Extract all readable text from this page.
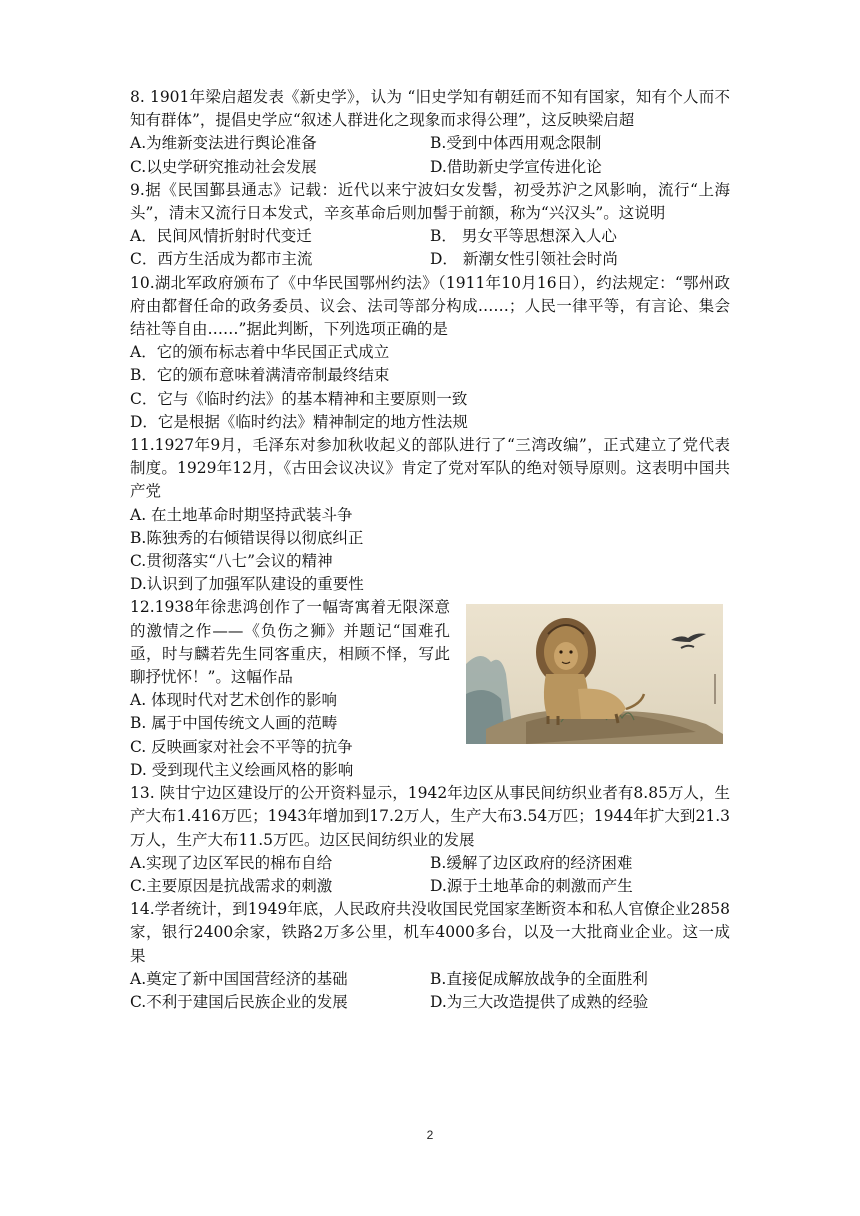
8. 1901年梁启超发表《新史学》，认为 “旧史学知有朝廷而不知有国家，知有个人而不知有群体”，提倡史学应“叙述人群进化之现象而求得公理”，这反映梁启超

A.为维新变法进行舆论准备	B.受到中体西用观念限制
C.以史学研究推动社会发展	D.借助新史学宣传进化论

9.据《民国鄞县通志》记载：近代以来宁波妇女发髻，初受苏沪之风影响，流行“上海头”，清末又流行日本发式，辛亥革命后则加髻于前额，称为“兴汉头”。这说明

A．民间风情折射时代变迁	B． 男女平等思想深入人心
C．西方生活成为都市主流	D． 新潮女性引领社会时尚

10.湖北军政府颁布了《中华民国鄂州约法》（1911年10月16日），约法规定：“鄂州政府由都督任命的政务委员、议会、法司等部分构成……；人民一律平等，有言论、集会结社等自由……”据此判断，下列选项正确的是

A．它的颁布标志着中华民国正式成立

B．它的颁布意味着满清帝制最终结束

C．它与《临时约法》的基本精神和主要原则一致

D．它是根据《临时约法》精神制定的地方性法规

11.1927年9月，毛泽东对参加秋收起义的部队进行了“三湾改编”，正式建立了党代表制度。1929年12月，《古田会议决议》肯定了党对军队的绝对领导原则。这表明中国共产党

A. 在土地革命时期坚持武装斗争

B.陈独秀的右倾错误得以彻底纠正

C.贯彻落实“八七”会议的精神

D.认识到了加强军队建设的重要性

12.1938年徐悲鸿创作了一幅寄寓着无限深意的激情之作——《负伤之狮》并题记“国难孔亟，时与麟若先生同客重庆，相顾不怿，写此聊抒忧怀！”。这幅作品

A. 体现时代对艺术创作的影响

B. 属于中国传统文人画的范畴

C. 反映画家对社会不平等的抗争

D. 受到现代主义绘画风格的影响

13. 陕甘宁边区建设厅的公开资料显示，1942年边区从事民间纺织业者有8.85万人，生产大布1.416万匹；1943年增加到17.2万人，生产大布3.54万匹；1944年扩大到21.3万人，生产大布11.5万匹。边区民间纺织业的发展

A.实现了边区军民的棉布自给	B.缓解了边区政府的经济困难
C.主要原因是抗战需求的刺激	D.源于土地革命的刺激而产生

14.学者统计，到1949年底，人民政府共没收国民党国家垄断资本和私人官僚企业2858家，银行2400余家，铁路2万多公里，机车4000多台，以及一大批商业企业。这一成果

A.奠定了新中国国营经济的基础	B.直接促成解放战争的全面胜利
C.不利于建国后民族企业的发展	D.为三大改造提供了成熟的经验
2
